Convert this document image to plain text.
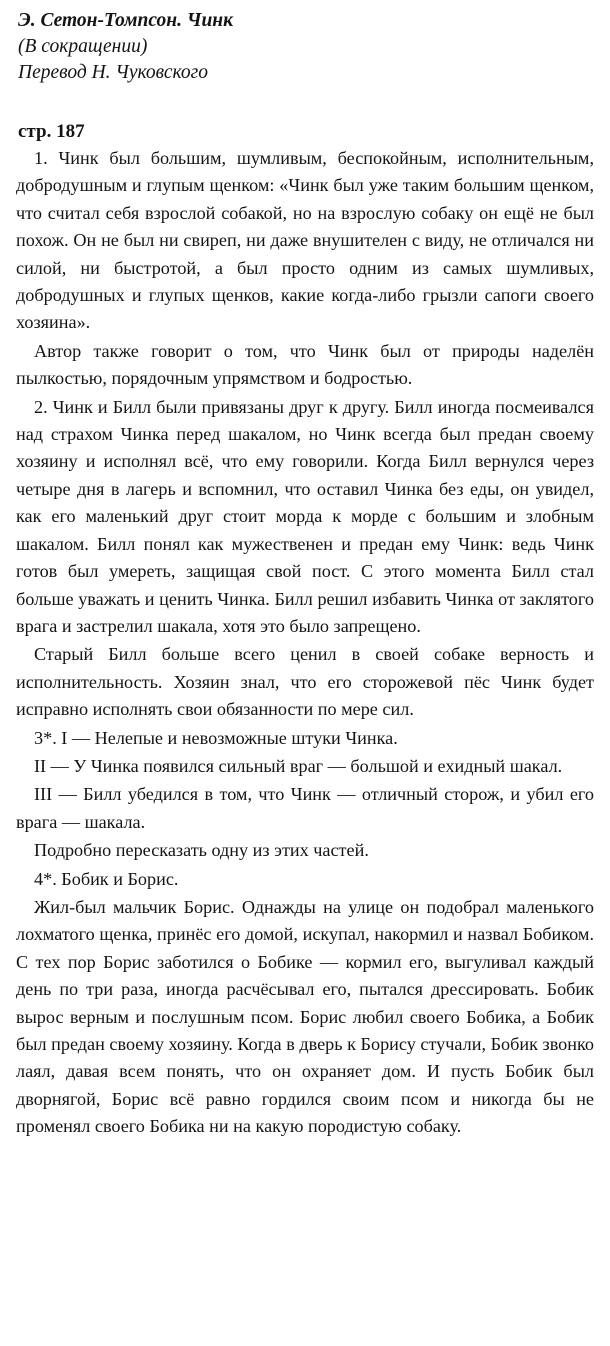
Э. Сетон-Томпсон. Чинк
(В сокращении)
Перевод Н. Чуковского
стр. 187

1. Чинк был большим, шумливым, беспокойным, исполнительным, добродушным и глупым щенком: «Чинк был уже таким большим щенком, что считал себя взрослой собакой, но на взрослую собаку он ещё не был похож. Он не был ни свиреп, ни даже внушителен с виду, не отличался ни силой, ни быстротой, а был просто одним из самых шумливых, добродушных и глупых щенков, какие когда-либо грызли сапоги своего хозяина».

Автор также говорит о том, что Чинк был от природы наделён пылкостью, порядочным упрямством и бодростью.

2. Чинк и Билл были привязаны друг к другу. Билл иногда посмеивался над страхом Чинка перед шакалом, но Чинк всегда был предан своему хозяину и исполнял всё, что ему говорили. Когда Билл вернулся через четыре дня в лагерь и вспомнил, что оставил Чинка без еды, он увидел, как его маленький друг стоит морда к морде с большим и злобным шакалом. Билл понял как мужественен и предан ему Чинк: ведь Чинк готов был умереть, защищая свой пост. С этого момента Билл стал больше уважать и ценить Чинка. Билл решил избавить Чинка от заклятого врага и застрелил шакала, хотя это было запрещено.

Старый Билл больше всего ценил в своей собаке верность и исполнительность. Хозяин знал, что его сторожевой пёс Чинк будет исправно исполнять свои обязанности по мере сил.

3*. I — Нелепые и невозможные штуки Чинка.

II — У Чинка появился сильный враг — большой и ехидный шакал.

III — Билл убедился в том, что Чинк — отличный сторож, и убил его врага — шакала.

Подробно пересказать одну из этих частей.

4*. Бобик и Борис.

Жил-был мальчик Борис. Однажды на улице он подобрал маленького лохматого щенка, принёс его домой, искупал, накормил и назвал Бобиком. С тех пор Борис заботился о Бобике — кормил его, выгуливал каждый день по три раза, иногда расчёсывал его, пытался дрессировать. Бобик вырос верным и послушным псом. Борис любил своего Бобика, а Бобик был предан своему хозяину. Когда в дверь к Борису стучали, Бобик звонко лаял, давая всем понять, что он охраняет дом. И пусть Бобик был дворнягой, Борис всё равно гордился своим псом и никогда бы не променял своего Бобика ни на какую породистую собаку.
